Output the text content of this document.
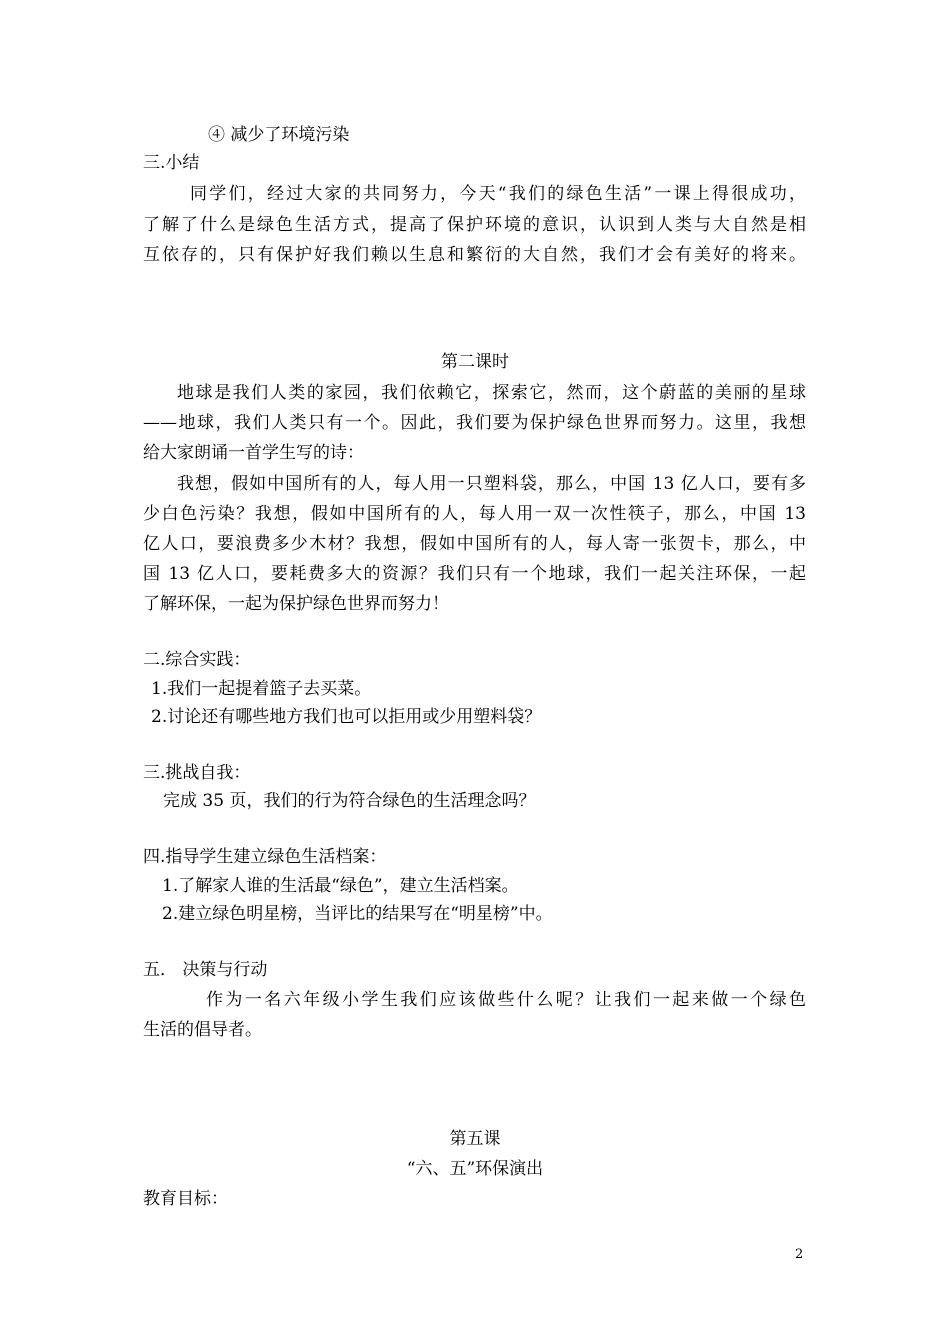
④ 减少了环境污染
三.小结
同学们，经过大家的共同努力，今天“我们的绿色生活”一课上得很成功，
了解了什么是绿色生活方式，提高了保护环境的意识，认识到人类与大自然是相
互依存的，只有保护好我们赖以生息和繁衍的大自然，我们才会有美好的将来。
第二课时
地球是我们人类的家园，我们依赖它，探索它，然而，这个蔚蓝的美丽的星球
——地球，我们人类只有一个。因此，我们要为保护绿色世界而努力。这里，我想
给大家朗诵一首学生写的诗：
我想，假如中国所有的人，每人用一只塑料袋，那么，中国 13 亿人口，要有多
少白色污染？我想，假如中国所有的人，每人用一双一次性筷子，那么，中国 13
亿人口，要浪费多少木材？我想，假如中国所有的人，每人寄一张贺卡，那么，中
国 13 亿人口，要耗费多大的资源？我们只有一个地球，我们一起关注环保，一起
了解环保，一起为保护绿色世界而努力！
二.综合实践：
1.我们一起提着篮子去买菜。
2.讨论还有哪些地方我们也可以拒用或少用塑料袋？
三.挑战自我：
完成 35 页，我们的行为符合绿色的生活理念吗？
四.指导学生建立绿色生活档案：
1.了解家人谁的生活最“绿色”，建立生活档案。
2.建立绿色明星榜，当评比的结果写在“明星榜”中。
五． 决策与行动
作为一名六年级小学生我们应该做些什么呢？让我们一起来做一个绿色
生活的倡导者。
第五课
“六、五”环保演出
教育目标：
2
